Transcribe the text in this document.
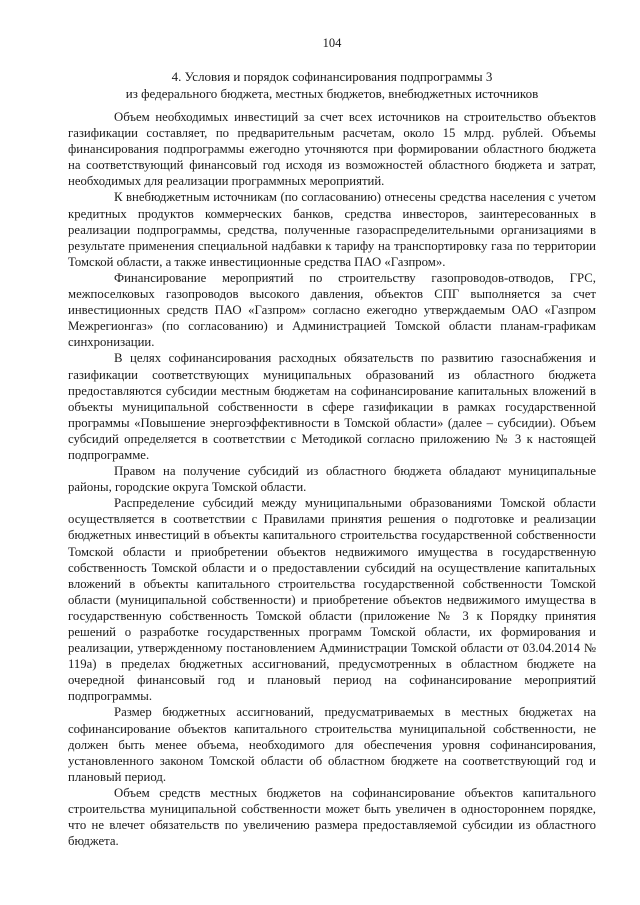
104
4. Условия и порядок софинансирования подпрограммы 3
из федерального бюджета, местных бюджетов, внебюджетных источников

Объем необходимых инвестиций за счет всех источников на строительство объектов газификации составляет, по предварительным расчетам, около 15 млрд. рублей. Объемы финансирования подпрограммы ежегодно уточняются при формировании областного бюджета на соответствующий финансовый год исходя из возможностей областного бюджета и затрат, необходимых для реализации программных мероприятий.

К внебюджетным источникам (по согласованию) отнесены средства населения с учетом кредитных продуктов коммерческих банков, средства инвесторов, заинтересованных в реализации подпрограммы, средства, полученные газораспределительными организациями в результате применения специальной надбавки к тарифу на транспортировку газа по территории Томской области, а также инвестиционные средства ПАО «Газпром».

Финансирование мероприятий по строительству газопроводов-отводов, ГРС, межпоселковых газопроводов высокого давления, объектов СПГ выполняется за счет инвестиционных средств ПАО «Газпром» согласно ежегодно утверждаемым ОАО «Газпром Межрегионгаз» (по согласованию) и Администрацией Томской области планам-графикам синхронизации.

В целях софинансирования расходных обязательств по развитию газоснабжения и газификации соответствующих муниципальных образований из областного бюджета предоставляются субсидии местным бюджетам на софинансирование капитальных вложений в объекты муниципальной собственности в сфере газификации в рамках государственной программы «Повышение энергоэффективности в Томской области» (далее – субсидии). Объем субсидий определяется в соответствии с Методикой согласно приложению № 3 к настоящей подпрограмме.

Правом на получение субсидий из областного бюджета обладают муниципальные районы, городские округа Томской области.

Распределение субсидий между муниципальными образованиями Томской области осуществляется в соответствии с Правилами принятия решения о подготовке и реализации бюджетных инвестиций в объекты капитального строительства государственной собственности Томской области и приобретении объектов недвижимого имущества в государственную собственность Томской области и о предоставлении субсидий на осуществление капитальных вложений в объекты капитального строительства государственной собственности Томской области (муниципальной собственности) и приобретение объектов недвижимого имущества в государственную собственность Томской области (приложение № 3 к Порядку принятия решений о разработке государственных программ Томской области, их формирования и реализации, утвержденному постановлением Администрации Томской области от 03.04.2014 № 119а) в пределах бюджетных ассигнований, предусмотренных в областном бюджете на очередной финансовый год и плановый период на софинансирование мероприятий подпрограммы.

Размер бюджетных ассигнований, предусматриваемых в местных бюджетах на софинансирование объектов капитального строительства муниципальной собственности, не должен быть менее объема, необходимого для обеспечения уровня софинансирования, установленного законом Томской области об областном бюджете на соответствующий год и плановый период.

Объем средств местных бюджетов на софинансирование объектов капитального строительства муниципальной собственности может быть увеличен в одностороннем порядке, что не влечет обязательств по увеличению размера предоставляемой субсидии из областного бюджета.
